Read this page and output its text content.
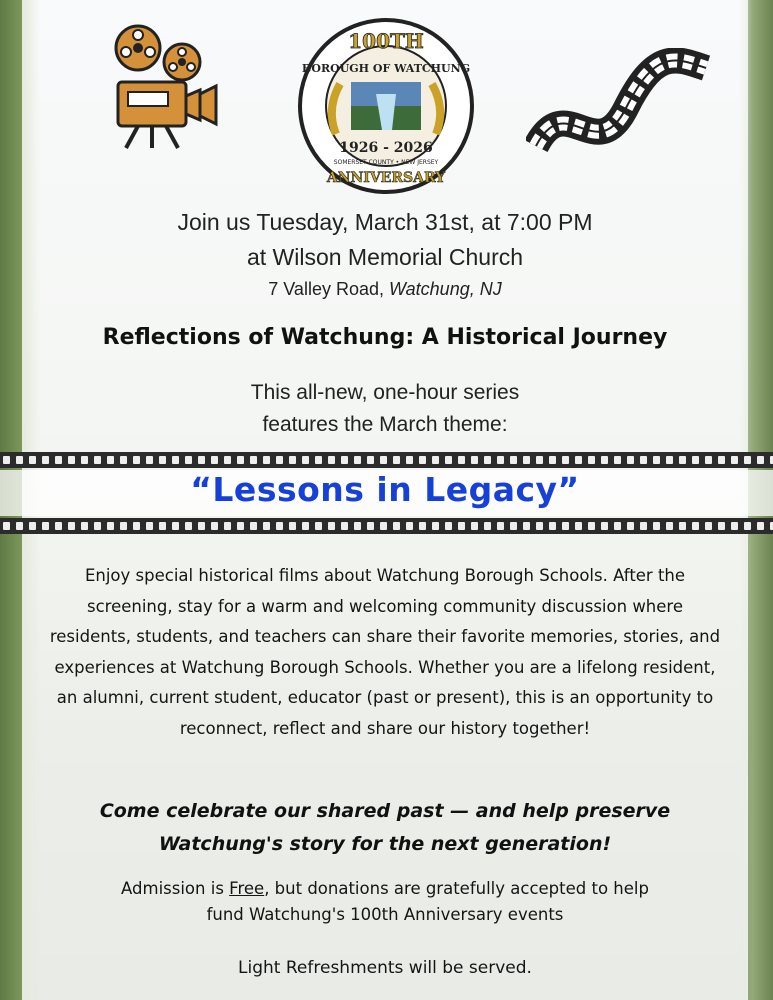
100TH
BOROUGH OF WATCHUNG
1926 - 2026
SOMERSET COUNTY • NEW JERSEY
ANNIVERSARY
Join us Tuesday, March 31st, at 7:00 PM
at Wilson Memorial Church
7 Valley Road, Watchung, NJ
Reflections of Watchung: A Historical Journey
This all-new, one-hour series
features the March theme:
“Lessons in Legacy”
Enjoy special historical films about Watchung Borough Schools. After the screening, stay for a warm and welcoming community discussion where residents, students, and teachers can share their favorite memories, stories, and experiences at Watchung Borough Schools. Whether you are a lifelong resident, an alumni, current student, educator (past or present), this is an opportunity to reconnect, reflect and share our history together!
Come celebrate our shared past — and help preserve
Watchung's story for the next generation!
Admission is Free, but donations are gratefully accepted to help
fund Watchung's 100th Anniversary events
Light Refreshments will be served.
